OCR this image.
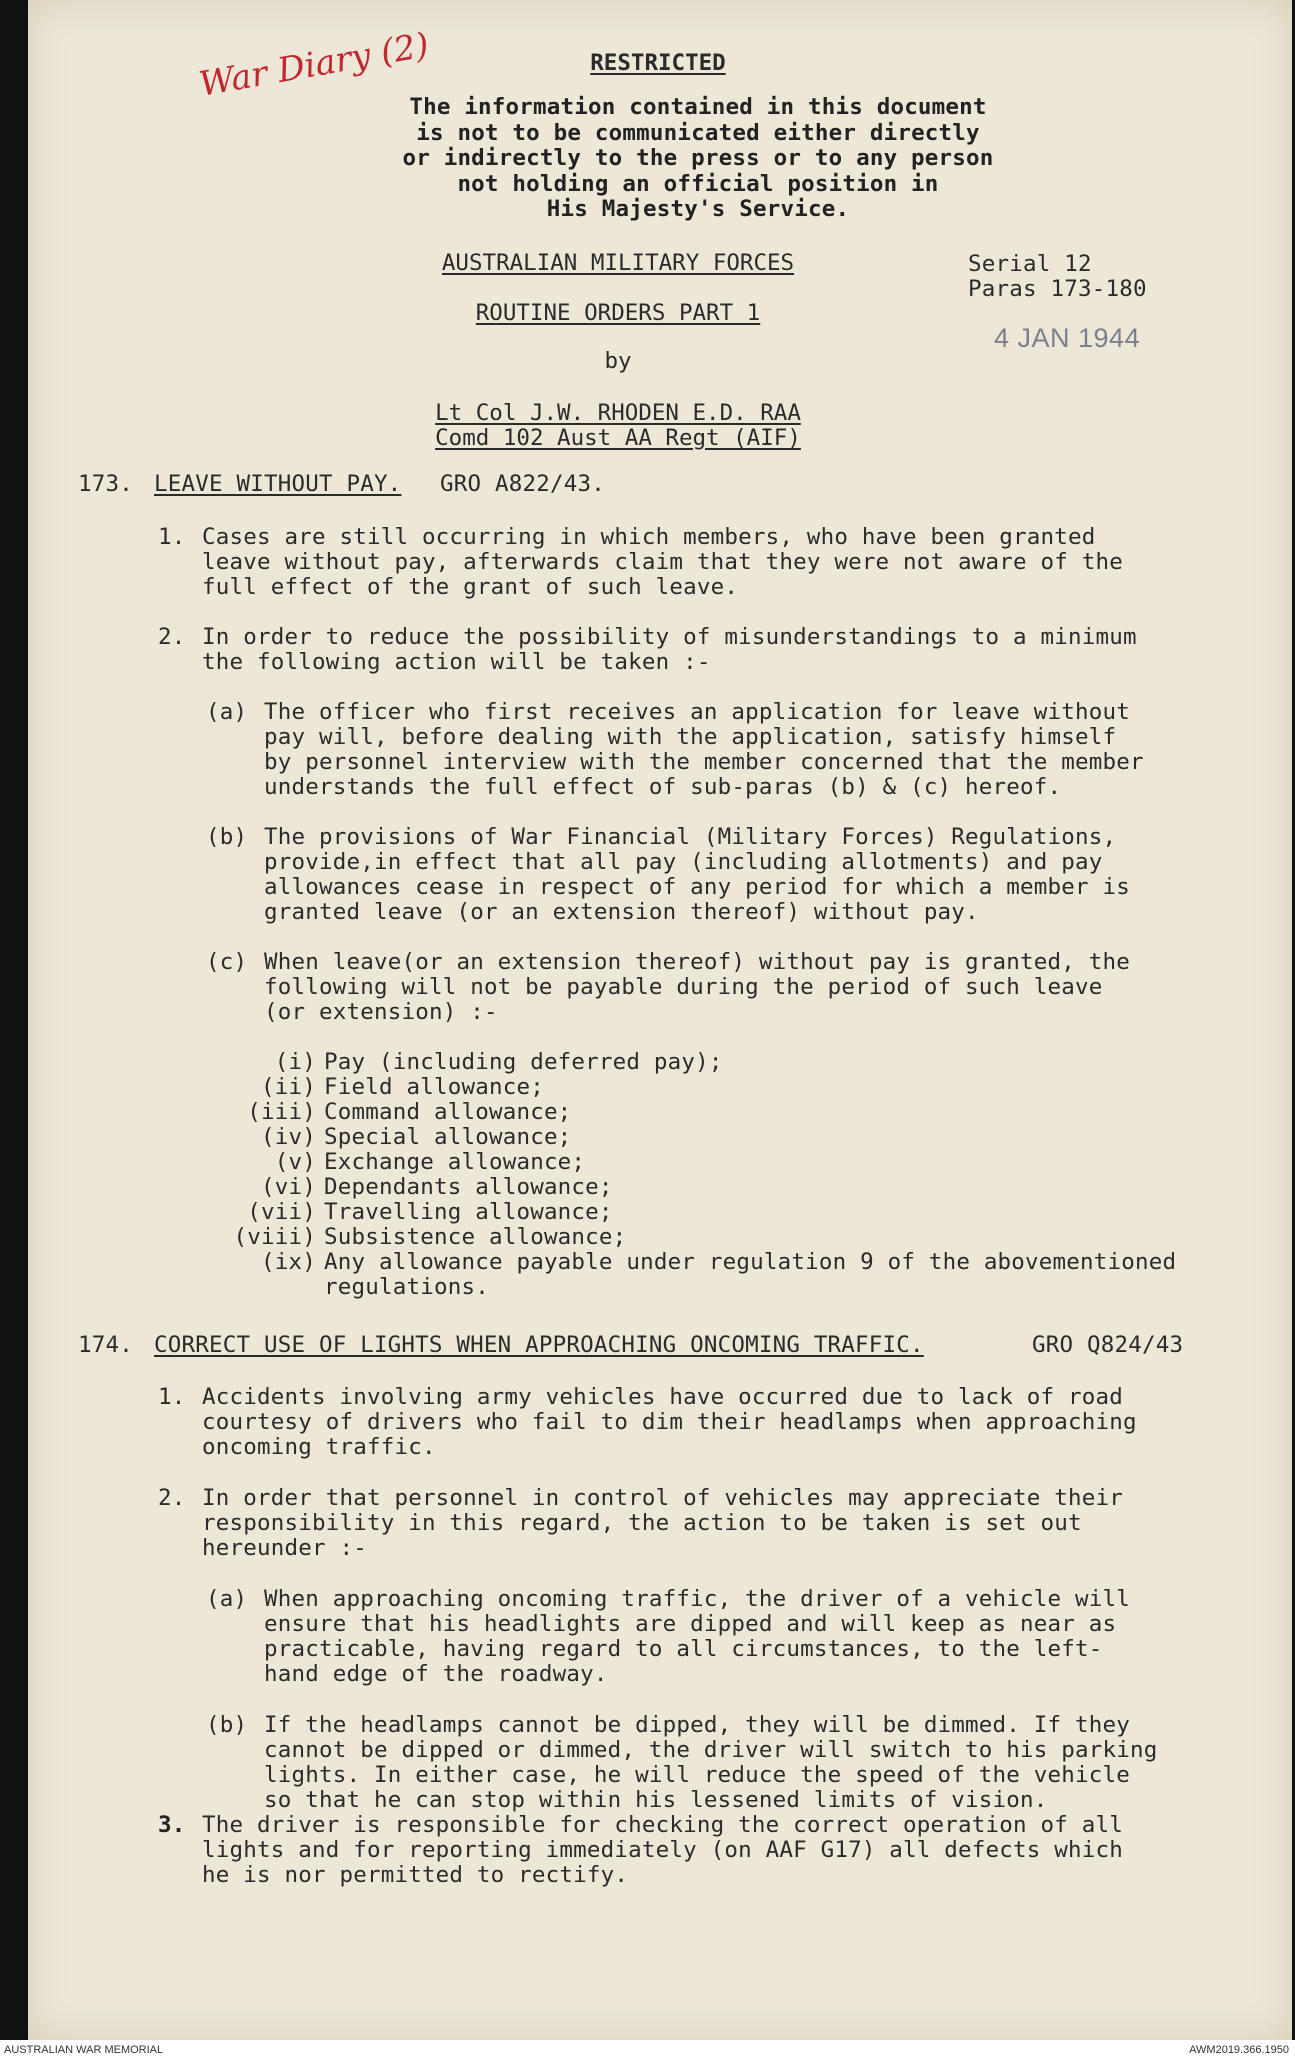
War Diary (2)	RESTRICTED
The information contained in this document
is not to be communicated either directly
or indirectly to the press or to any person
not holding an official position in
His Majesty's Service.
AUSTRALIAN MILITARY FORCES
ROUTINE ORDERS PART 1
by
Lt Col J.W. RHODEN E.D. RAA
Comd 102 Aust AA Regt (AIF)
Serial 12
Paras 173-180
4 JAN 1944
173. LEAVE WITHOUT PAY. GRO A822/43.
1. Cases are still occurring in which members, who have been granted
leave without pay, afterwards claim that they were not aware of the
full effect of the grant of such leave.
2. In order to reduce the possibility of misunderstandings to a minimum
the following action will be taken :-
(a) The officer who first receives an application for leave without
pay will, before dealing with the application, satisfy himself
by personnel interview with the member concerned that the member
understands the full effect of sub-paras (b) & (c) hereof.
(b) The provisions of War Financial (Military Forces) Regulations,
provide,in effect that all pay (including allotments) and pay
allowances cease in respect of any period for which a member is
granted leave (or an extension thereof) without pay.
(c) When leave(or an extension thereof) without pay is granted, the
following will not be payable during the period of such leave
(or extension) :-
(i) Pay (including deferred pay);
(ii) Field allowance;
(iii) Command allowance;
(iv) Special allowance;
(v) Exchange allowance;
(vi) Dependants allowance;
(vii) Travelling allowance;
(viii) Subsistence allowance;
(ix) Any allowance payable under regulation 9 of the abovementioned
regulations.
174. CORRECT USE OF LIGHTS WHEN APPROACHING ONCOMING TRAFFIC.	GRO Q824/43
1. Accidents involving army vehicles have occurred due to lack of road
courtesy of drivers who fail to dim their headlamps when approaching
oncoming traffic.
2. In order that personnel in control of vehicles may appreciate their
responsibility in this regard, the action to be taken is set out
hereunder :-
(a) When approaching oncoming traffic, the driver of a vehicle will
ensure that his headlights are dipped and will keep as near as
practicable, having regard to all circumstances, to the left-
hand edge of the roadway.
(b) If the headlamps cannot be dipped, they will be dimmed. If they
cannot be dipped or dimmed, the driver will switch to his parking
lights. In either case, he will reduce the speed of the vehicle
so that he can stop within his lessened limits of vision.
3. The driver is responsible for checking the correct operation of all
lights and for reporting immediately (on AAF G17) all defects which
he is nor permitted to rectify.
AUSTRALIAN WAR MEMORIAL	AWM2019.366.1950
